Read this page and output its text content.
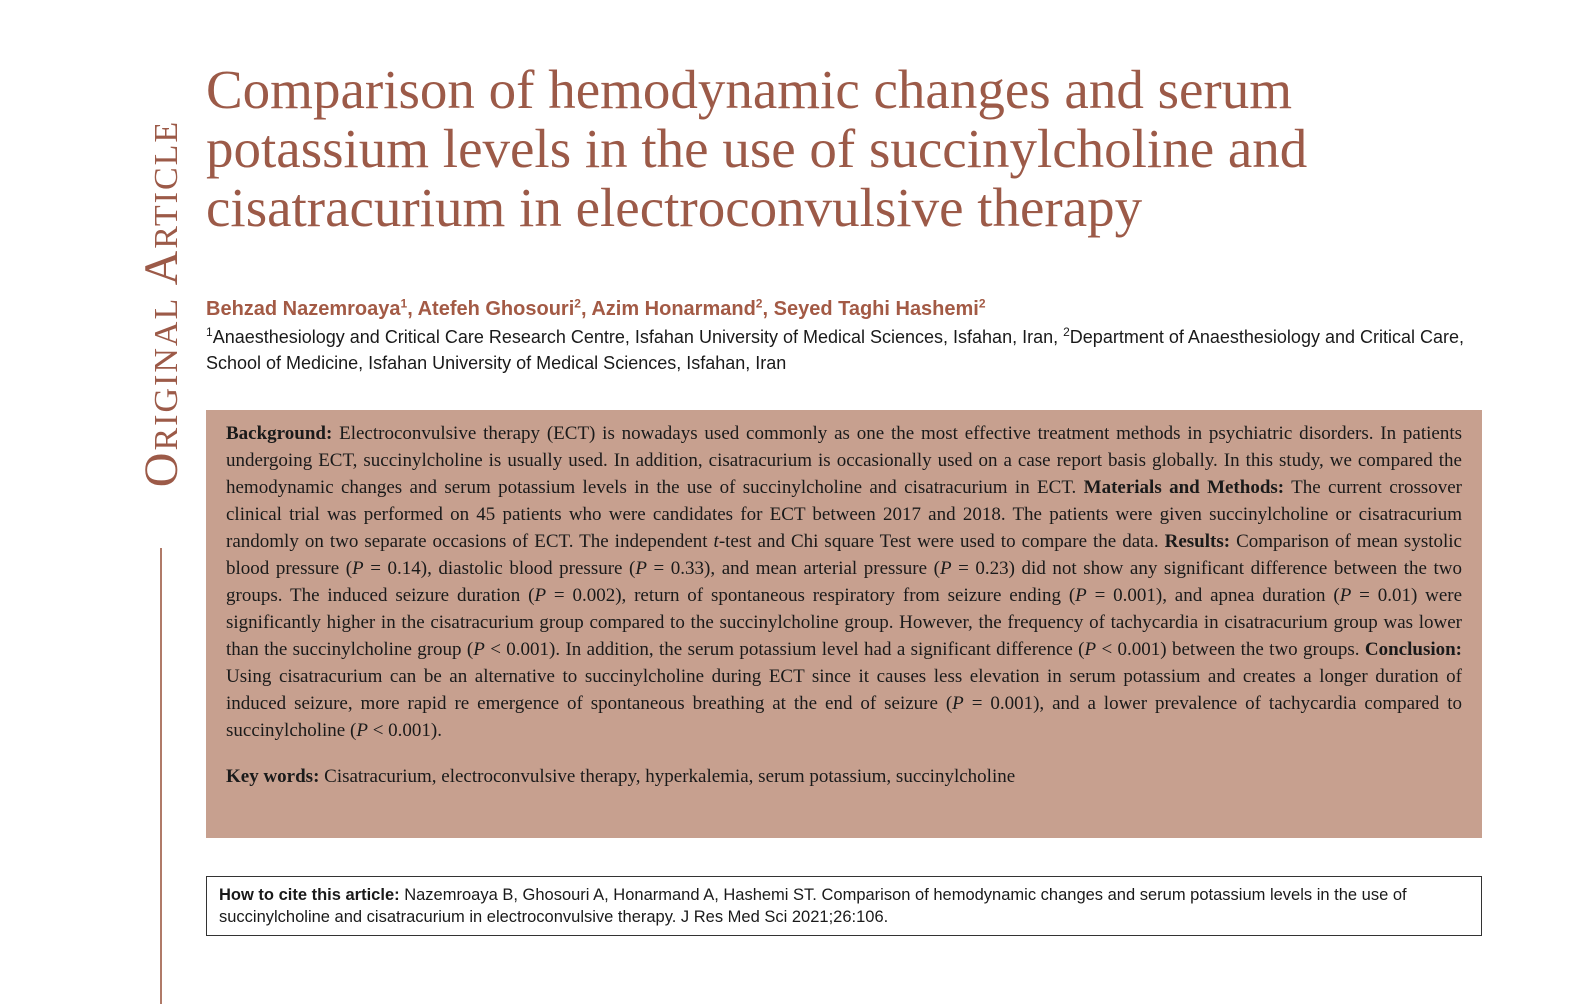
Original Article
Comparison of hemodynamic changes and serum potassium levels in the use of succinylcholine and cisatracurium in electroconvulsive therapy
Behzad Nazemroaya$^1$, Atefeh Ghosouri$^2$, Azim Honarmand$^2$, Seyed Taghi Hashemi$^2$
$^1$Anaesthesiology and Critical Care Research Centre, Isfahan University of Medical Sciences, Isfahan, Iran, $^2$Department of Anaesthesiology and Critical Care, School of Medicine, Isfahan University of Medical Sciences, Isfahan, Iran
Background: Electroconvulsive therapy (ECT) is nowadays used commonly as one the most effective treatment methods in psychiatric disorders. In patients undergoing ECT, succinylcholine is usually used. In addition, cisatracurium is occasionally used on a case report basis globally. In this study, we compared the hemodynamic changes and serum potassium levels in the use of succinylcholine and cisatracurium in ECT. Materials and Methods: The current crossover clinical trial was performed on 45 patients who were candidates for ECT between 2017 and 2018. The patients were given succinylcholine or cisatracurium randomly on two separate occasions of ECT. The independent t-test and Chi square Test were used to compare the data. Results: Comparison of mean systolic blood pressure (P = 0.14), diastolic blood pressure (P = 0.33), and mean arterial pressure (P = 0.23) did not show any significant difference between the two groups. The induced seizure duration (P = 0.002), return of spontaneous respiratory from seizure ending (P = 0.001), and apnea duration (P = 0.01) were significantly higher in the cisatracurium group compared to the succinylcholine group. However, the frequency of tachycardia in cisatracurium group was lower than the succinylcholine group (P < 0.001). In addition, the serum potassium level had a significant difference (P < 0.001) between the two groups. Conclusion: Using cisatracurium can be an alternative to succinylcholine during ECT since it causes less elevation in serum potassium and creates a longer duration of induced seizure, more rapid re emergence of spontaneous breathing at the end of seizure (P = 0.001), and a lower prevalence of tachycardia compared to succinylcholine (P < 0.001).
Key words: Cisatracurium, electroconvulsive therapy, hyperkalemia, serum potassium, succinylcholine
How to cite this article: Nazemroaya B, Ghosouri A, Honarmand A, Hashemi ST. Comparison of hemodynamic changes and serum potassium levels in the use of succinylcholine and cisatracurium in electroconvulsive therapy. J Res Med Sci 2021;26:106.
